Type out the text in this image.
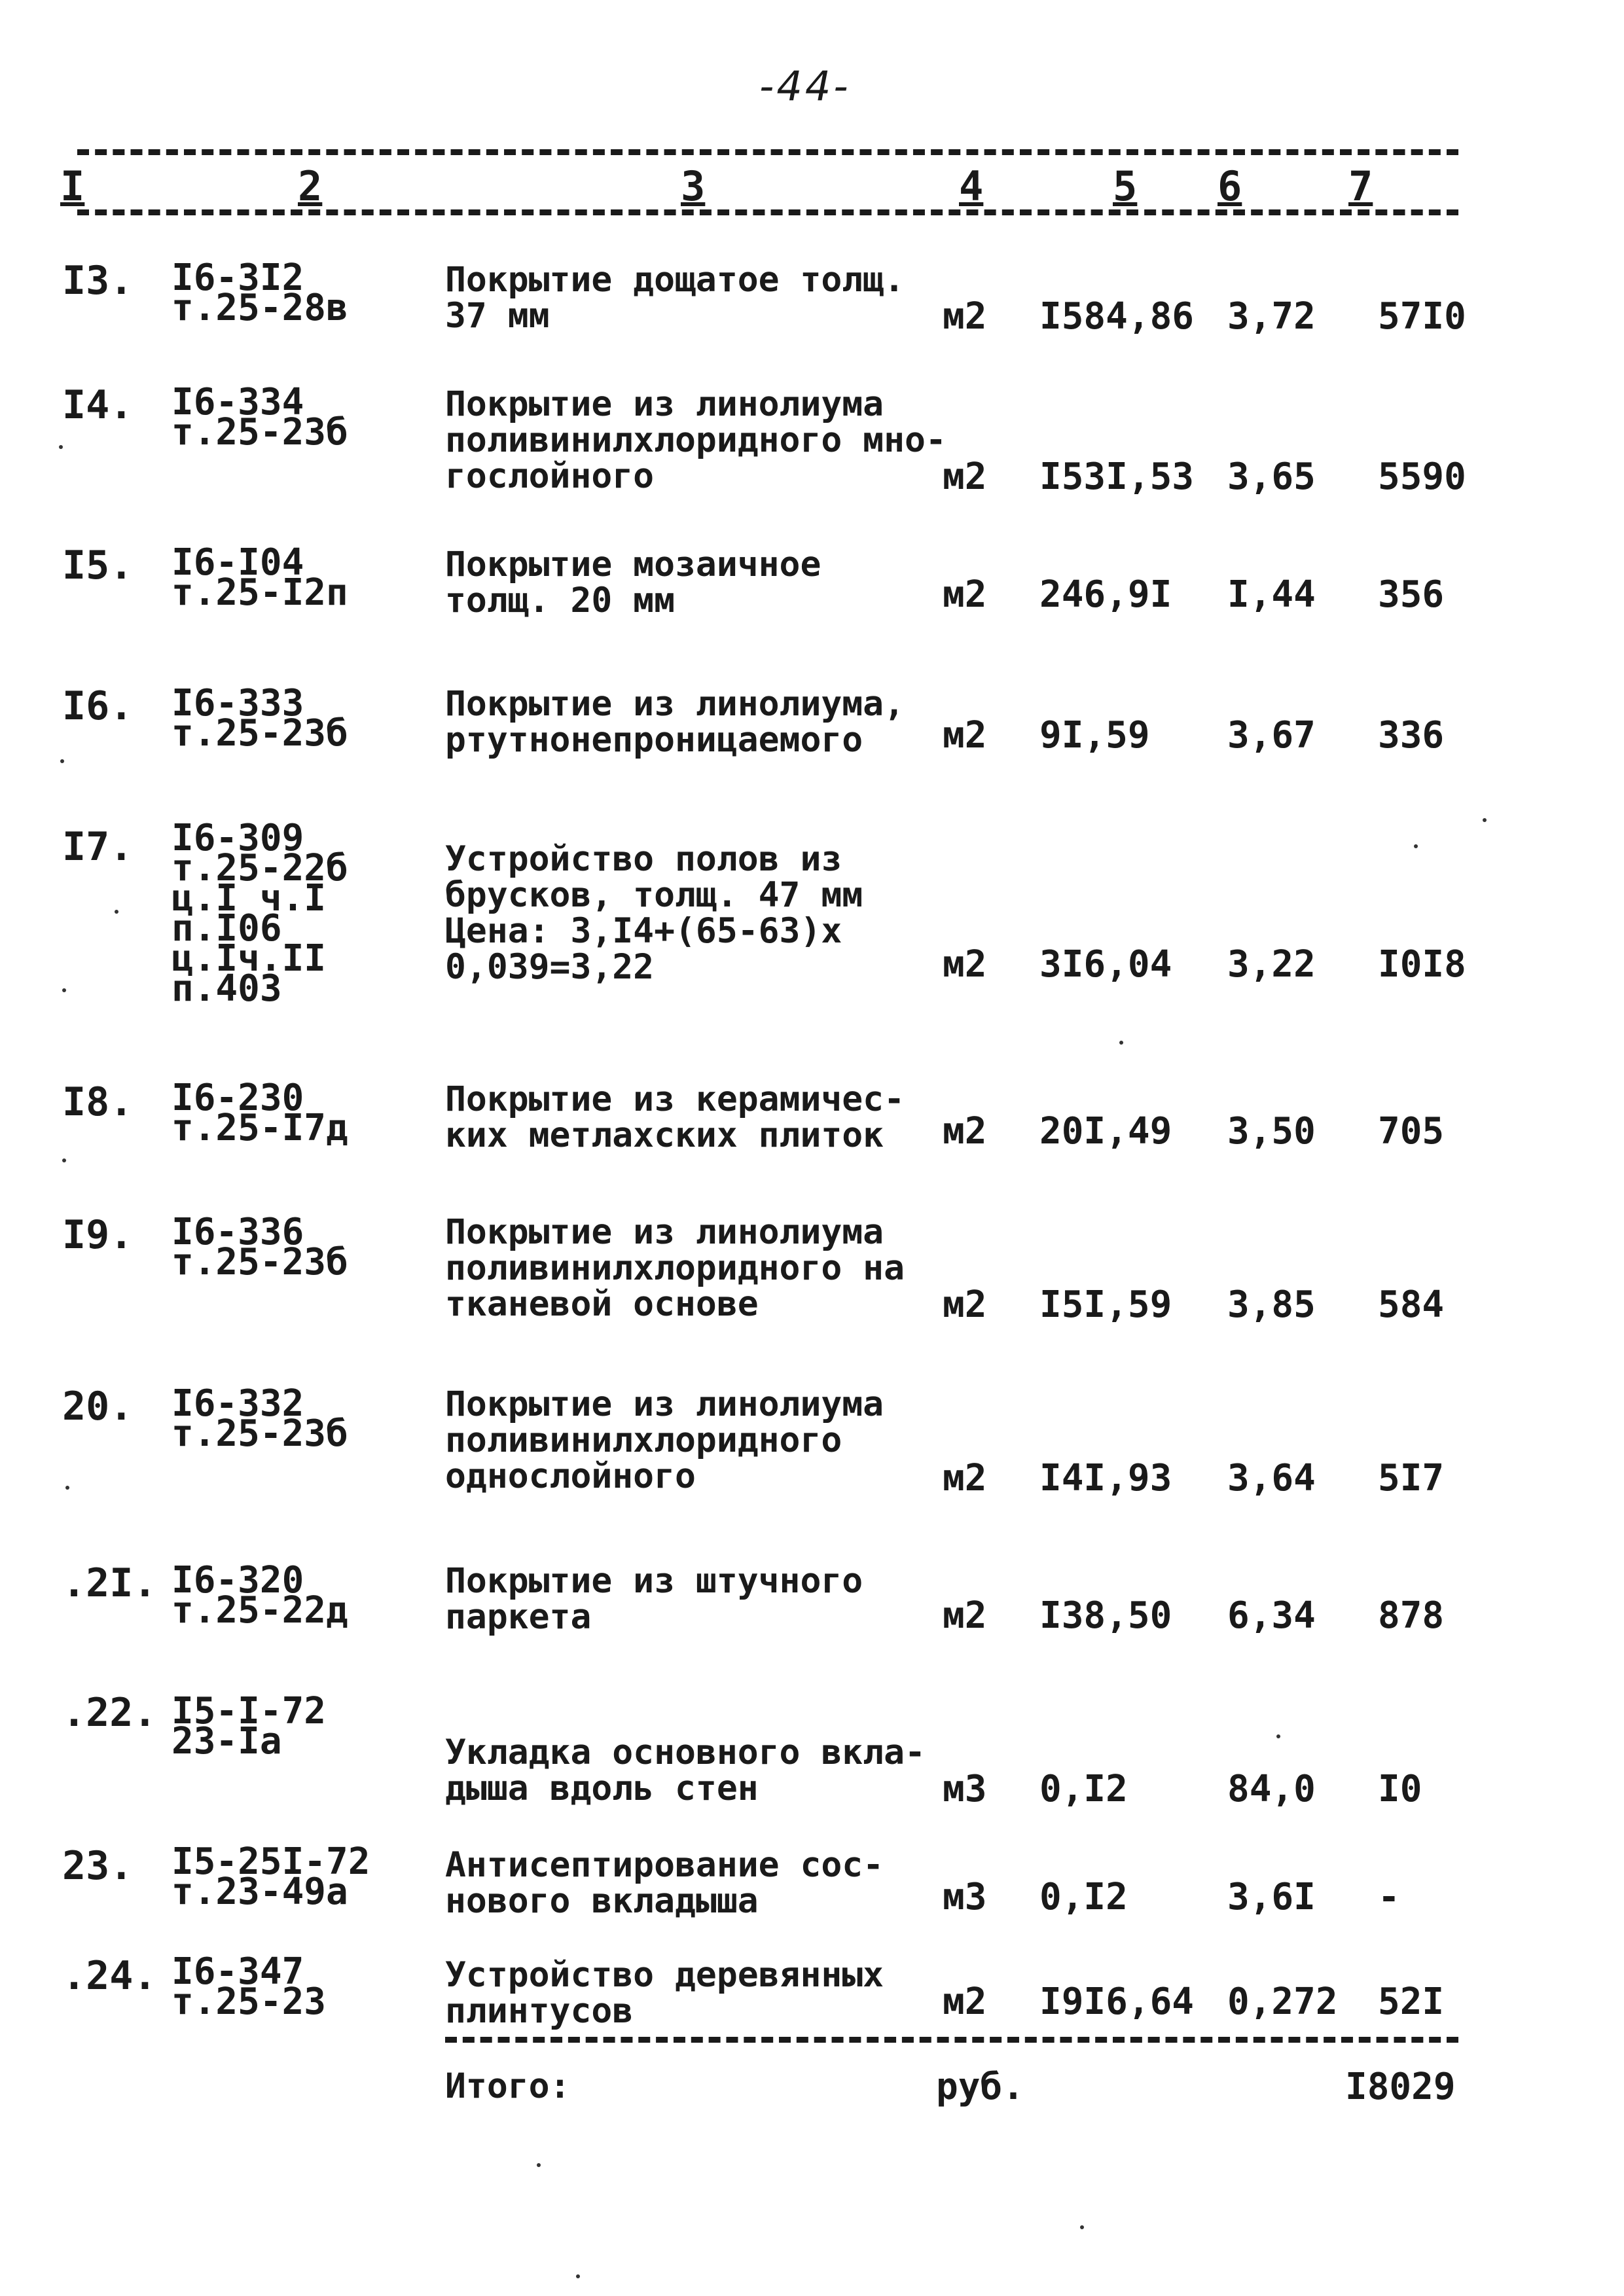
-44-
I	2	3	4	5 6	7
I3. I6-3I2
т.25-28в
Покрытие дощатое толщ.
37 мм	м2 I584,86 3,72 57I0
I4. I6-334
т.25-23б
Покрытие из линолиума
поливинилхлоридного мно-
гослойного	м2 I53I,53 3,65 5590
I5. I6-I04
т.25-I2п
Покрытие мозаичное
толщ. 20 мм	м2 246,9I I,44 356
I6. I6-333
т.25-23б
Покрытие из линолиума,
ртутнонепроницаемого	м2 9I,59 3,67 336
I7. I6-309
т.25-22б
ц.I ч.I
п.I06
ц.Iч.II
п.403
Устройство полов из
брусков, толщ. 47 мм
Цена: 3,I4+(65-63)х
0,039=3,22	м2 3I6,04 3,22 I0I8
I8. I6-230
т.25-I7д
Покрытие из керамичес-
ких метлахских плиток	м2 20I,49 3,50 705
I9. I6-336
т.25-23б
Покрытие из линолиума
поливинилхлоридного на
тканевой основе	м2 I5I,59 3,85 584
20. I6-332
т.25-23б
Покрытие из линолиума
поливинилхлоридного
однослойного	м2 I4I,93 3,64 5I7
.2I. I6-320
т.25-22д
Покрытие из штучного
паркета	м2 I38,50 6,34 878
.22. I5-I-72
23-Iа	Укладка основного вкла-
дыша вдоль стен	м3 0,I2	84,0 I0
23. I5-25I-72
т.23-49а
Антисептирование сос-
нового вкладыша	м3 0,I2	3,6I -
.24. I6-347
т.25-23
Устройство деревянных
плинтусов	м2 I9I6,64 0,272 52I
Итого:	руб.	I8029
